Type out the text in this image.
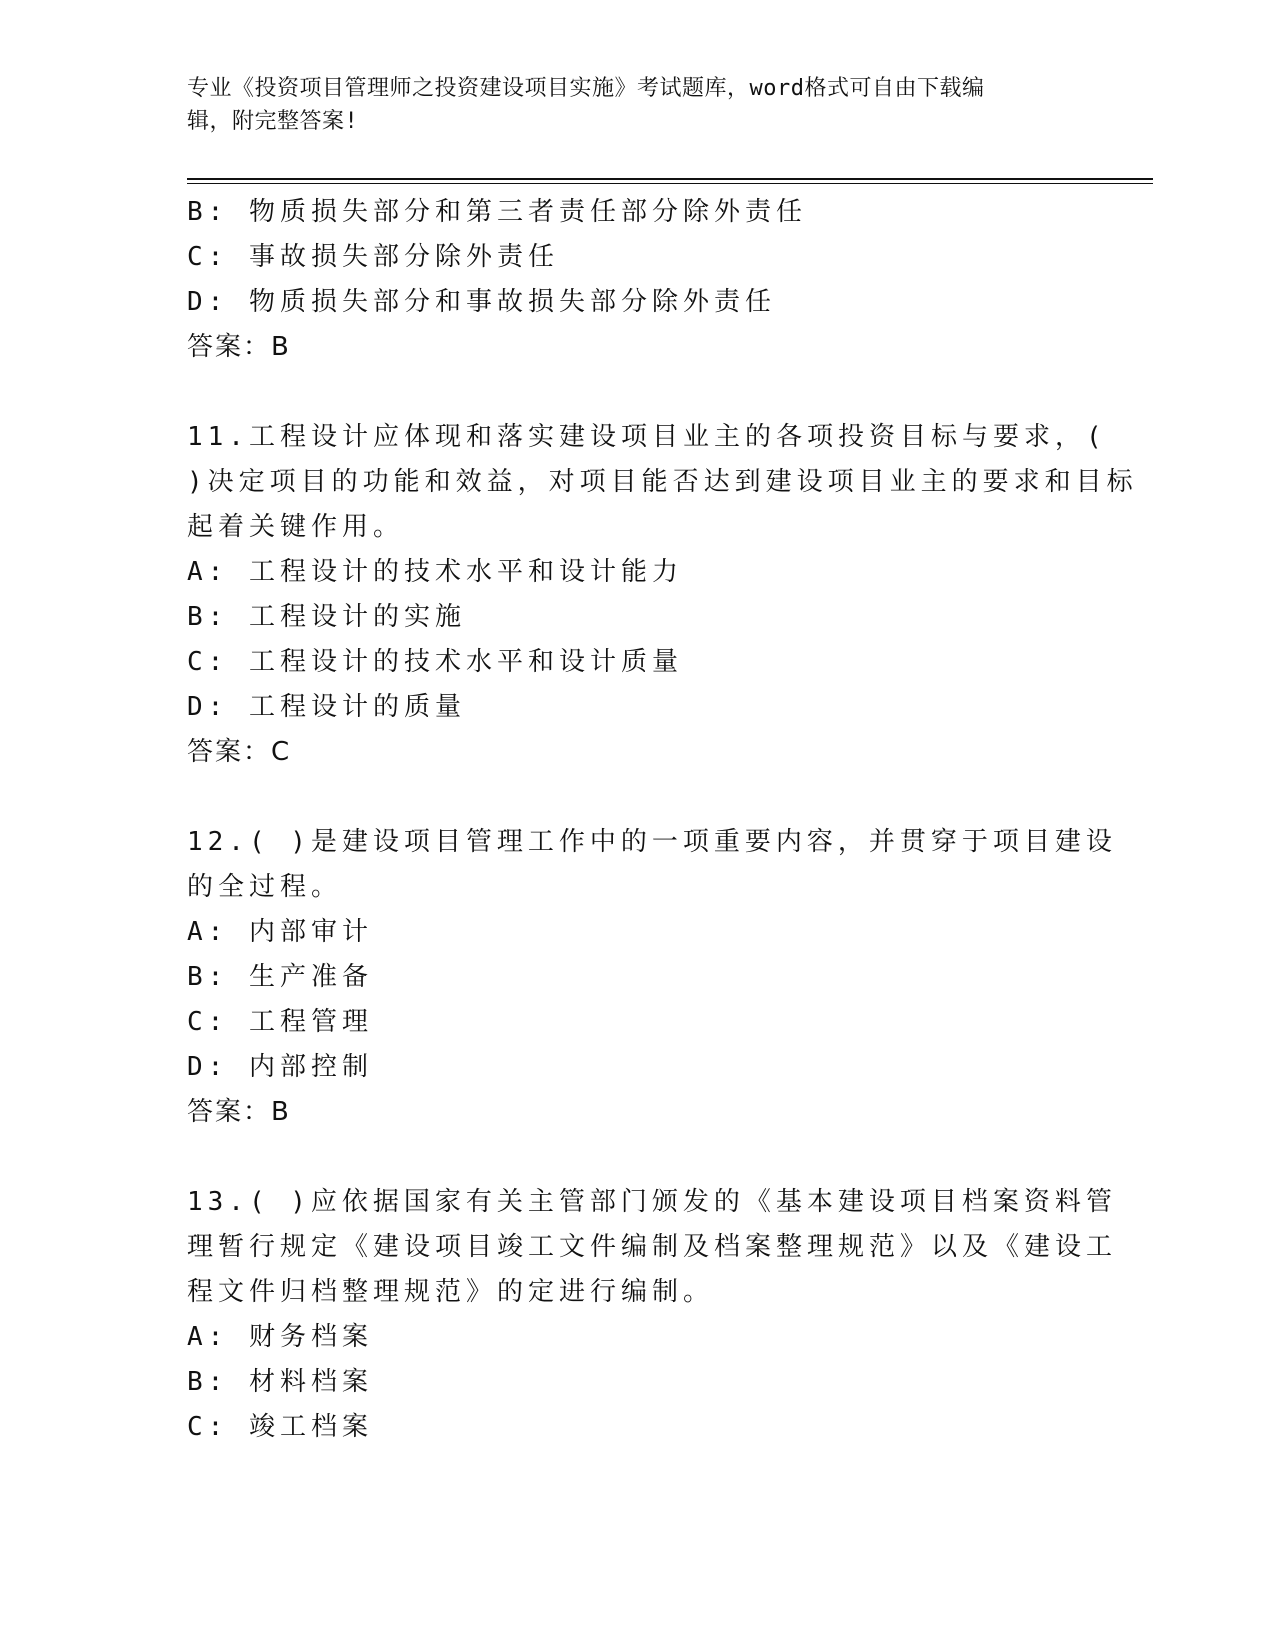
专业《投资项目管理师之投资建设项目实施》考试题库，word格式可自由下载编
辑，附完整答案!
B: 物质损失部分和第三者责任部分除外责任
C: 事故损失部分除外责任
D: 物质损失部分和事故损失部分除外责任
答案：B
11.工程设计应体现和落实建设项目业主的各项投资目标与要求，(
)决定项目的功能和效益，对项目能否达到建设项目业主的要求和目标
起着关键作用。
A: 工程设计的技术水平和设计能力
B: 工程设计的实施
C: 工程设计的技术水平和设计质量
D: 工程设计的质量
答案：C
12.( )是建设项目管理工作中的一项重要内容，并贯穿于项目建设
的全过程。
A: 内部审计
B: 生产准备
C: 工程管理
D: 内部控制
答案：B
13.( )应依据国家有关主管部门颁发的《基本建设项目档案资料管
理暂行规定《建设项目竣工文件编制及档案整理规范》以及《建设工
程文件归档整理规范》的定进行编制。
A: 财务档案
B: 材料档案
C: 竣工档案
